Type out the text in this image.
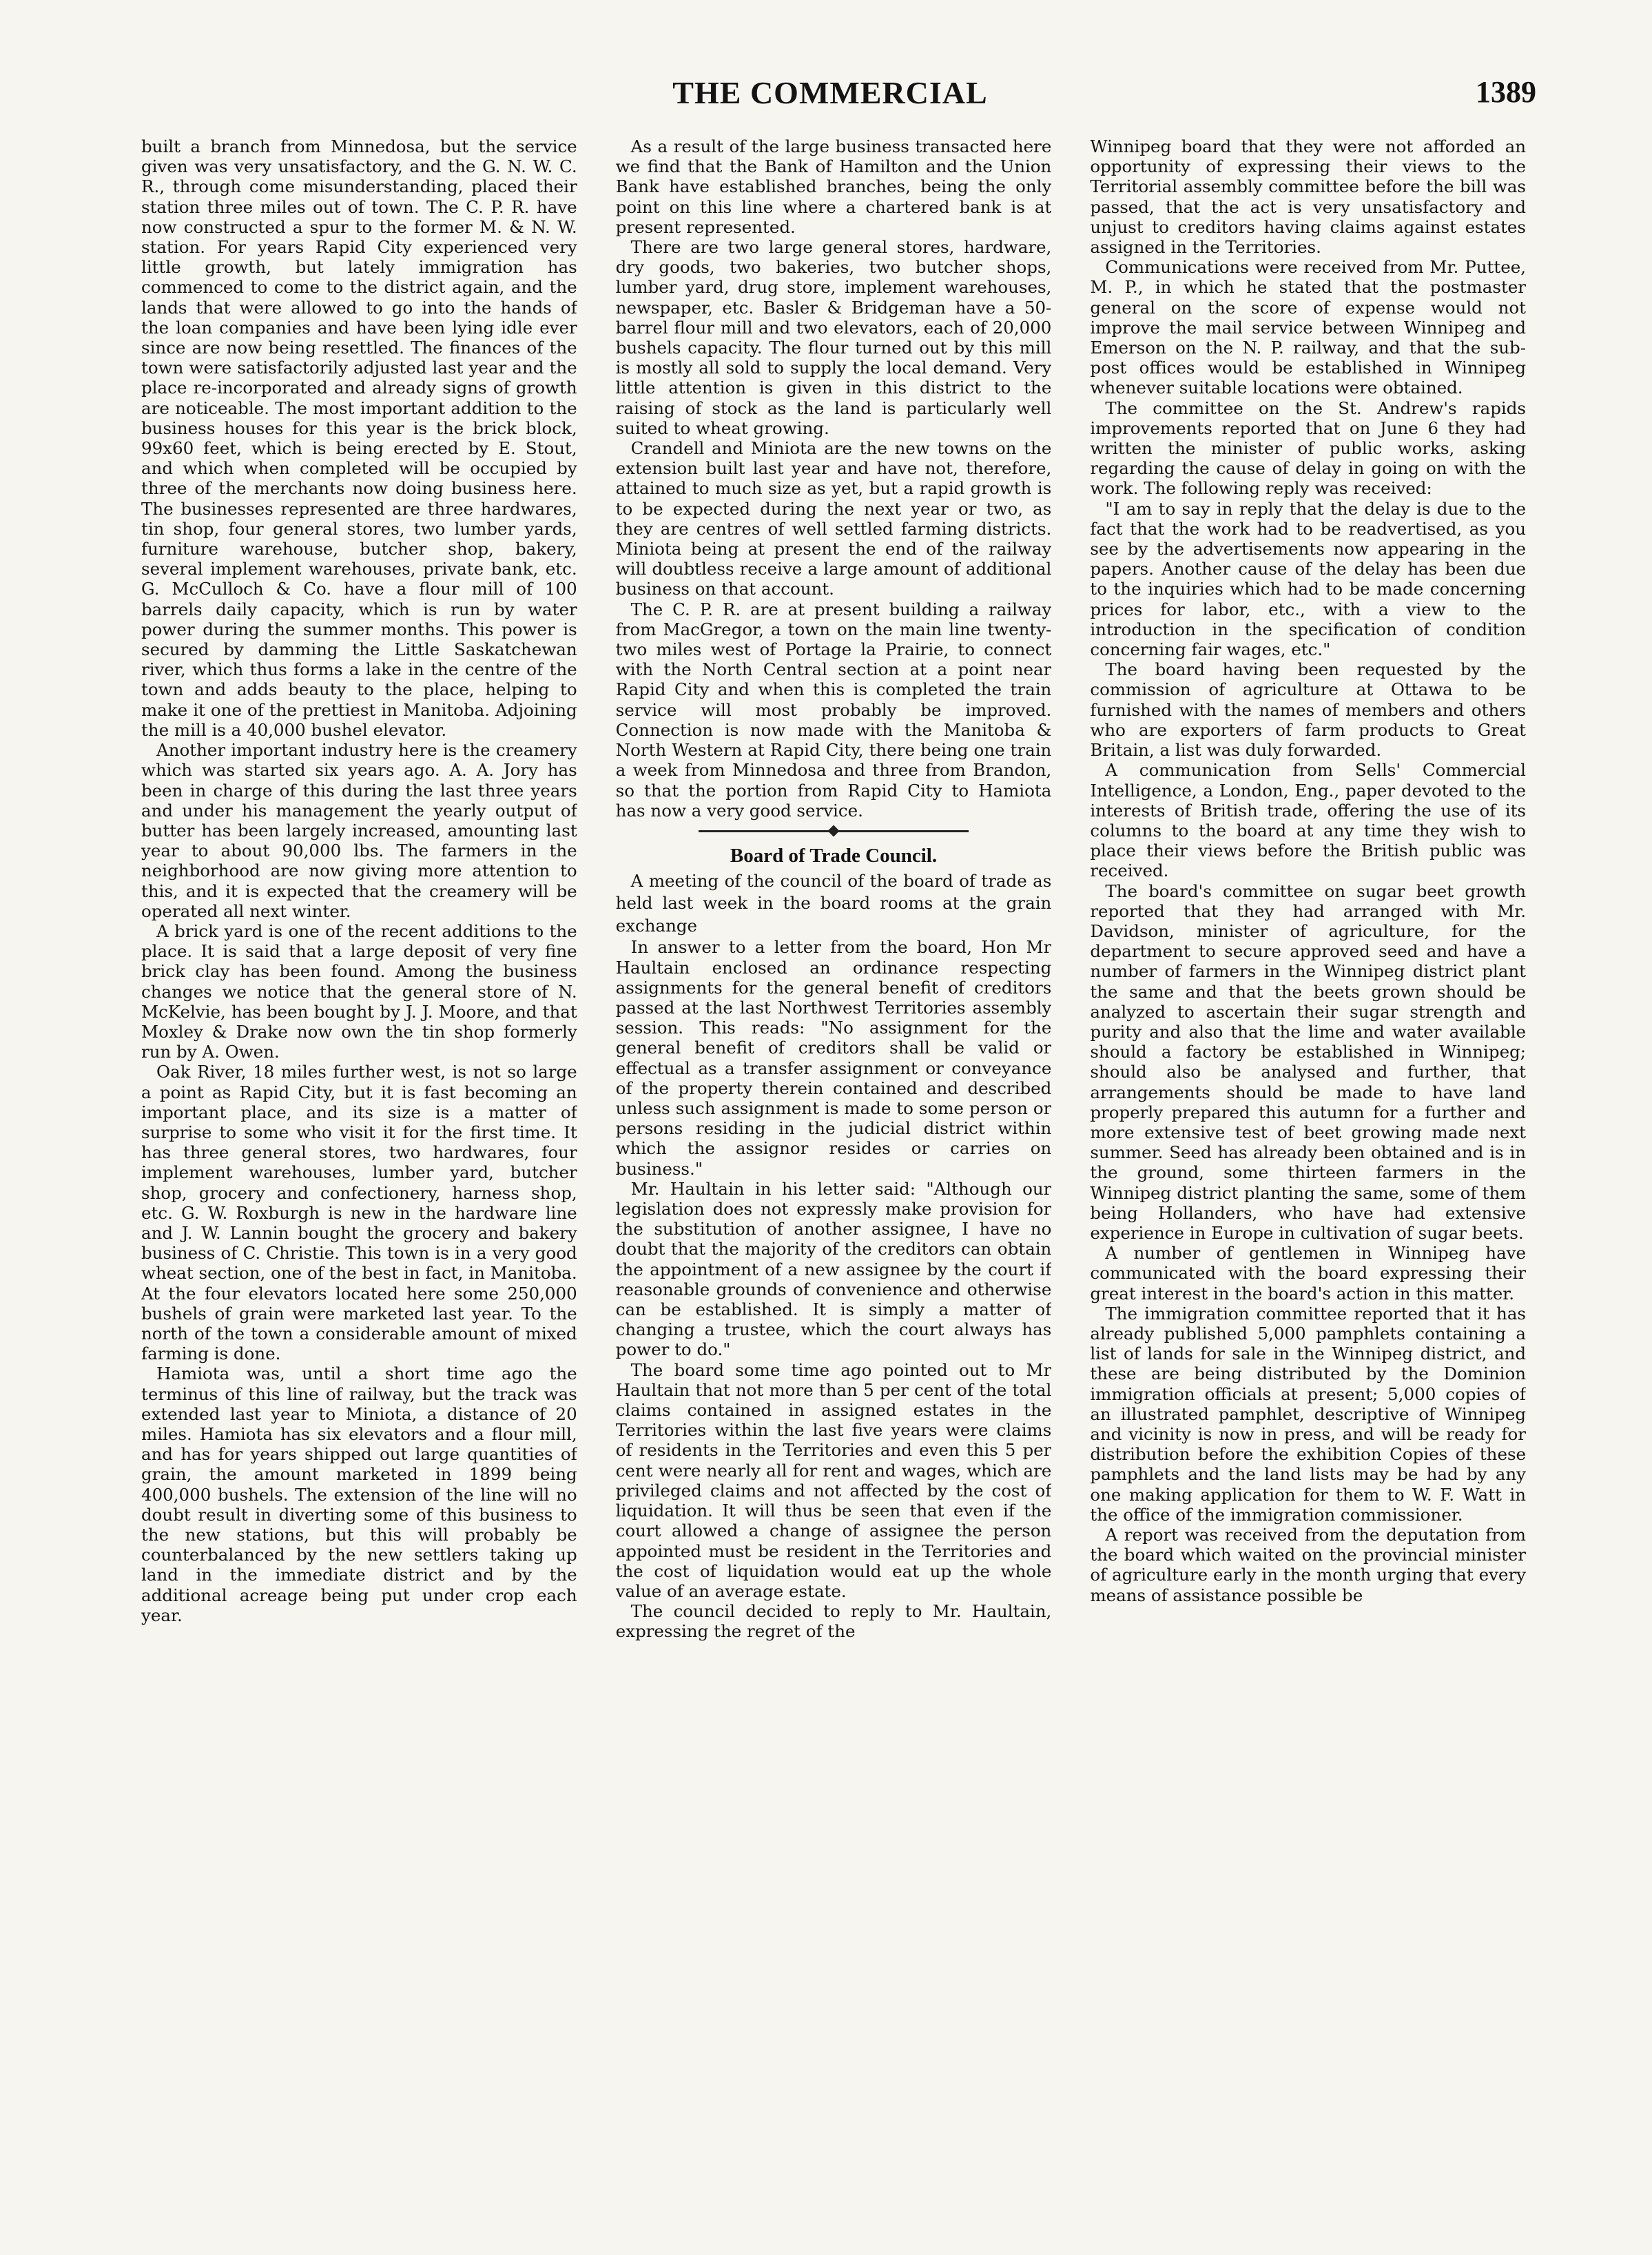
THE COMMERCIAL	1389

built a branch from Minnedosa, but the service given was very unsatisfactory, and the G. N. W. C. R., through come misunderstanding, placed their station three miles out of town. The C. P. R. have now constructed a spur to the former M. & N. W. station. For years Rapid City experienced very little growth, but lately immigration has commenced to come to the district again, and the lands that were allowed to go into the hands of the loan companies and have been lying idle ever since are now being resettled. The finances of the town were satisfactorily adjusted last year and the place re-incorporated and already signs of growth are noticeable. The most important addition to the business houses for this year is the brick block, 99x60 feet, which is being erected by E. Stout, and which when completed will be occupied by three of the merchants now doing business here. The businesses represented are three hardwares, tin shop, four general stores, two lumber yards, furniture warehouse, butcher shop, bakery, several implement warehouses, private bank, etc. G. McCulloch & Co. have a flour mill of 100 barrels daily capacity, which is run by water power during the summer months. This power is secured by damming the Little Saskatchewan river, which thus forms a lake in the centre of the town and adds beauty to the place, helping to make it one of the prettiest in Manitoba. Adjoining the mill is a 40,000 bushel elevator.

Another important industry here is the creamery which was started six years ago. A. A. Jory has been in charge of this during the last three years and under his management the yearly output of butter has been largely increased, amounting last year to about 90,000 lbs. The farmers in the neighborhood are now giving more attention to this, and it is expected that the creamery will be operated all next winter.

A brick yard is one of the recent additions to the place. It is said that a large deposit of very fine brick clay has been found. Among the business changes we notice that the general store of N. McKelvie, has been bought by J. J. Moore, and that Moxley & Drake now own the tin shop formerly run by A. Owen.

Oak River, 18 miles further west, is not so large a point as Rapid City, but it is fast becoming an important place, and its size is a matter of surprise to some who visit it for the first time. It has three general stores, two hardwares, four implement warehouses, lumber yard, butcher shop, grocery and confectionery, harness shop, etc. G. W. Roxburgh is new in the hardware line and J. W. Lannin bought the grocery and bakery business of C. Christie. This town is in a very good wheat section, one of the best in fact, in Manitoba. At the four elevators located here some 250,000 bushels of grain were marketed last year. To the north of the town a considerable amount of mixed farming is done.

Hamiota was, until a short time ago the terminus of this line of railway, but the track was extended last year to Miniota, a distance of 20 miles. Hamiota has six elevators and a flour mill, and has for years shipped out large quantities of grain, the amount marketed in 1899 being 400,000 bushels. The extension of the line will no doubt result in diverting some of this business to the new stations, but this will probably be counterbalanced by the new settlers taking up land in the immediate district and by the additional acreage being put under crop each year.

As a result of the large business transacted here we find that the Bank of Hamilton and the Union Bank have established branches, being the only point on this line where a chartered bank is at present represented.

There are two large general stores, hardware, dry goods, two bakeries, two butcher shops, lumber yard, drug store, implement warehouses, newspaper, etc. Basler & Bridgeman have a 50-barrel flour mill and two elevators, each of 20,000 bushels capacity. The flour turned out by this mill is mostly all sold to supply the local demand. Very little attention is given in this district to the raising of stock as the land is particularly well suited to wheat growing.

Crandell and Miniota are the new towns on the extension built last year and have not, therefore, attained to much size as yet, but a rapid growth is to be expected during the next year or two, as they are centres of well settled farming districts. Miniota being at present the end of the railway will doubtless receive a large amount of additional business on that account.

The C. P. R. are at present building a railway from MacGregor, a town on the main line twenty-two miles west of Portage la Prairie, to connect with the North Central section at a point near Rapid City and when this is completed the train service will most probably be improved. Connection is now made with the Manitoba & North Western at Rapid City, there being one train a week from Minnedosa and three from Brandon, so that the portion from Rapid City to Hamiota has now a very good service.

Board of Trade Council.

A meeting of the council of the board of trade as held last week in the board rooms at the grain exchange

In answer to a letter from the board, Hon Mr Haultain enclosed an ordinance respecting assignments for the general benefit of creditors passed at the last Northwest Territories assembly session. This reads: "No assignment for the general benefit of creditors shall be valid or effectual as a transfer assignment or conveyance of the property therein contained and described unless such assignment is made to some person or persons residing in the judicial district within which the assignor resides or carries on business."

Mr. Haultain in his letter said: "Although our legislation does not expressly make provision for the substitution of another assignee, I have no doubt that the majority of the creditors can obtain the appointment of a new assignee by the court if reasonable grounds of convenience and otherwise can be established. It is simply a matter of changing a trustee, which the court always has power to do."

The board some time ago pointed out to Mr Haultain that not more than 5 per cent of the total claims contained in assigned estates in the Territories within the last five years were claims of residents in the Territories and even this 5 per cent were nearly all for rent and wages, which are privileged claims and not affected by the cost of liquidation. It will thus be seen that even if the court allowed a change of assignee the person appointed must be resident in the Territories and the cost of liquidation would eat up the whole value of an average estate.

The council decided to reply to Mr. Haultain, expressing the regret of the

Winnipeg board that they were not afforded an opportunity of expressing their views to the Territorial assembly committee before the bill was passed, that the act is very unsatisfactory and unjust to creditors having claims against estates assigned in the Territories.

Communications were received from Mr. Puttee, M. P., in which he stated that the postmaster general on the score of expense would not improve the mail service between Winnipeg and Emerson on the N. P. railway, and that the sub-post offices would be established in Winnipeg whenever suitable locations were obtained.

The committee on the St. Andrew's rapids improvements reported that on June 6 they had written the minister of public works, asking regarding the cause of delay in going on with the work. The following reply was received:

"I am to say in reply that the delay is due to the fact that the work had to be readvertised, as you see by the advertisements now appearing in the papers. Another cause of the delay has been due to the inquiries which had to be made concerning prices for labor, etc., with a view to the introduction in the specification of condition concerning fair wages, etc."

The board having been requested by the commission of agriculture at Ottawa to be furnished with the names of members and others who are exporters of farm products to Great Britain, a list was duly forwarded.

A communication from Sells' Commercial Intelligence, a London, Eng., paper devoted to the interests of British trade, offering the use of its columns to the board at any time they wish to place their views before the British public was received.

The board's committee on sugar beet growth reported that they had arranged with Mr. Davidson, minister of agriculture, for the department to secure approved seed and have a number of farmers in the Winnipeg district plant the same and that the beets grown should be analyzed to ascertain their sugar strength and purity and also that the lime and water available should a factory be established in Winnipeg; should also be analysed and further, that arrangements should be made to have land properly prepared this autumn for a further and more extensive test of beet growing made next summer. Seed has already been obtained and is in the ground, some thirteen farmers in the Winnipeg district planting the same, some of them being Hollanders, who have had extensive experience in Europe in cultivation of sugar beets.

A number of gentlemen in Winnipeg have communicated with the board expressing their great interest in the board's action in this matter.

The immigration committee reported that it has already published 5,000 pamphlets containing a list of lands for sale in the Winnipeg district, and these are being distributed by the Dominion immigration officials at present; 5,000 copies of an illustrated pamphlet, descriptive of Winnipeg and vicinity is now in press, and will be ready for distribution before the exhibition Copies of these pamphlets and the land lists may be had by any one making application for them to W. F. Watt in the office of the immigration commissioner.

A report was received from the deputation from the board which waited on the provincial minister of agriculture early in the month urging that every means of assistance possible be
